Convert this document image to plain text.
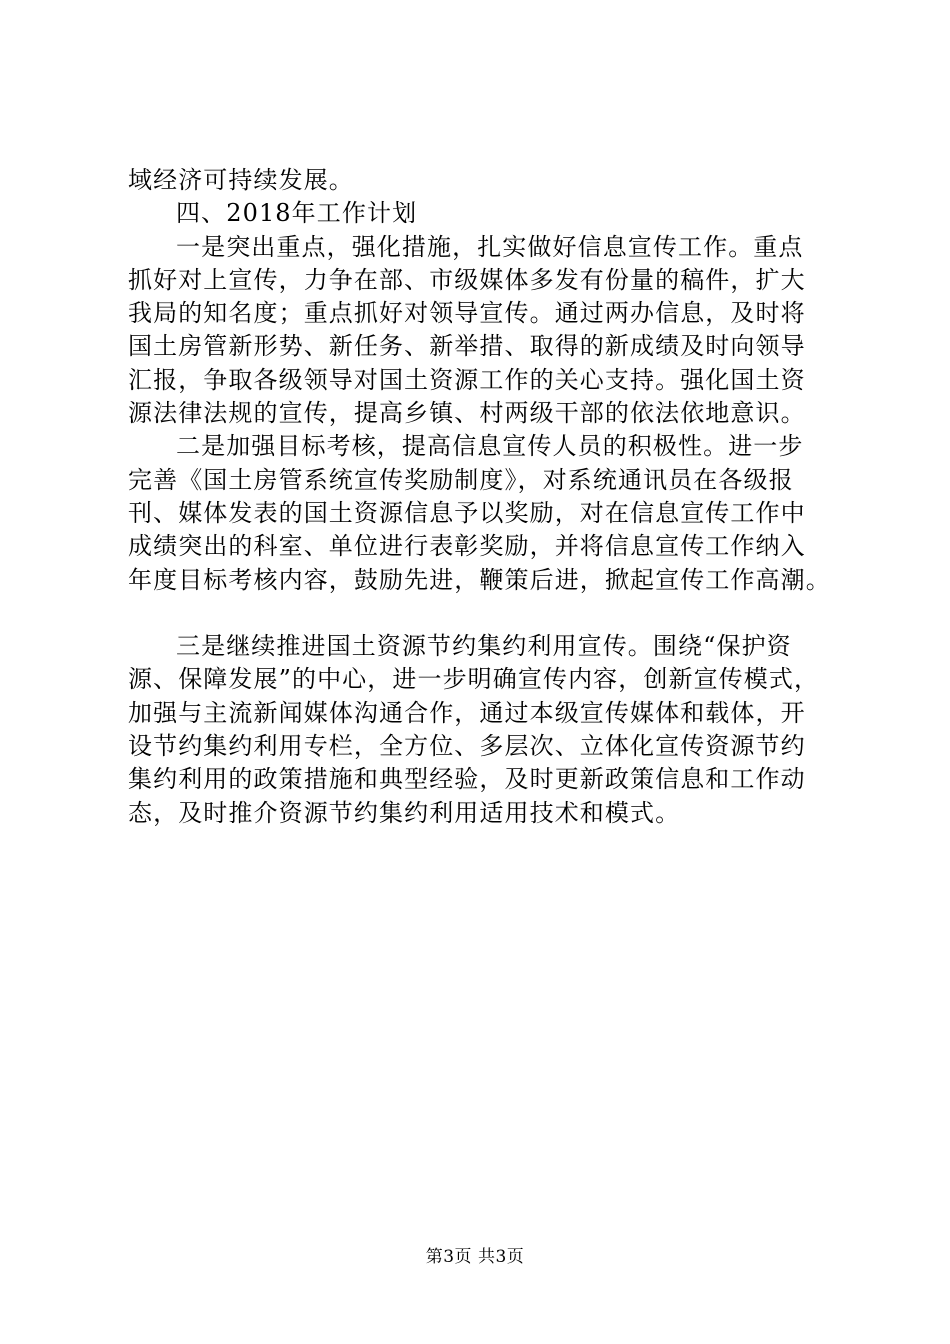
域经济可持续发展。
四、2018年工作计划
一是突出重点，强化措施，扎实做好信息宣传工作。重点
抓好对上宣传，力争在部、市级媒体多发有份量的稿件，扩大
我局的知名度；重点抓好对领导宣传。通过两办信息，及时将
国土房管新形势、新任务、新举措、取得的新成绩及时向领导
汇报，争取各级领导对国土资源工作的关心支持。强化国土资
源法律法规的宣传，提高乡镇、村两级干部的依法依地意识。
二是加强目标考核，提高信息宣传人员的积极性。进一步
完善《国土房管系统宣传奖励制度》，对系统通讯员在各级报
刊、媒体发表的国土资源信息予以奖励，对在信息宣传工作中
成绩突出的科室、单位进行表彰奖励，并将信息宣传工作纳入
年度目标考核内容，鼓励先进，鞭策后进，掀起宣传工作高潮。
三是继续推进国土资源节约集约利用宣传。围绕“保护资
源、保障发展”的中心，进一步明确宣传内容，创新宣传模式，
加强与主流新闻媒体沟通合作，通过本级宣传媒体和载体，开
设节约集约利用专栏，全方位、多层次、立体化宣传资源节约
集约利用的政策措施和典型经验，及时更新政策信息和工作动
态，及时推介资源节约集约利用适用技术和模式。
第3页 共3页
